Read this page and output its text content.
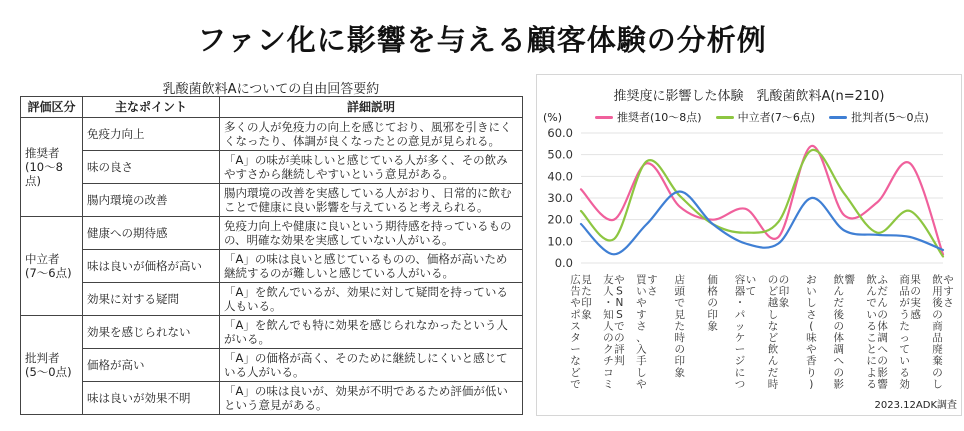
ファン化に影響を与える顧客体験の分析例
乳酸菌飲料Aについての自由回答要約
評価区分	主なポイント	詳細説明
推奨者(10〜8点)	免疫力向上	多くの人が免疫力の向上を感じており、風邪を引きにくくなったり、体調が良くなったとの意見が見られる。
	味の良さ	「A」の味が美味しいと感じている人が多く、その飲みやすさから継続しやすいという意見がある。
	腸内環境の改善	腸内環境の改善を実感している人がおり、日常的に飲むことで健康に良い影響を与えていると考えられる。
中立者(7〜6点)	健康への期待感	免疫力向上や健康に良いという期待感を持っているものの、明確な効果を実感していない人がいる。
	味は良いが価格が高い	「A」の味は良いと感じているものの、価格が高いため継続するのが難しいと感じている人がいる。
	効果に対する疑問	「A」を飲んでいるが、効果に対して疑問を持っている人もいる。
批判者(5〜0点)	効果を感じられない	「A」を飲んでも特に効果を感じられなかったという人がいる。
	価格が高い	「A」の価格が高く、そのために継続しにくいと感じている人がいる。
	味は良いが効果不明	「A」の味は良いが、効果が不明であるため評価が低いという意見がある。
推奨度に影響した体験　乳酸菌飲料A(n=210)
(%)	推奨者(10～8点)	中立者(7～6点)	批判者(5～0点)
0.0
10.0
20.0
30.0
40.0
50.0
60.0
広告やポスターなどで見た印象
友人・知人のクチコミや S N S での評判
買いやすさ、入手しやすさ
店頭で見た時の印象
価格の印象
容器・パッケージについて
のど越しなど飲んだ時の印象
おいしさ(味や香り)
飲んだ後の体調への影響 飲んでいることによるふだんの体調への影響
商品がうたっている効果の実感
飲用後の商品廃棄のしやすさ
2023.12ADK調査
